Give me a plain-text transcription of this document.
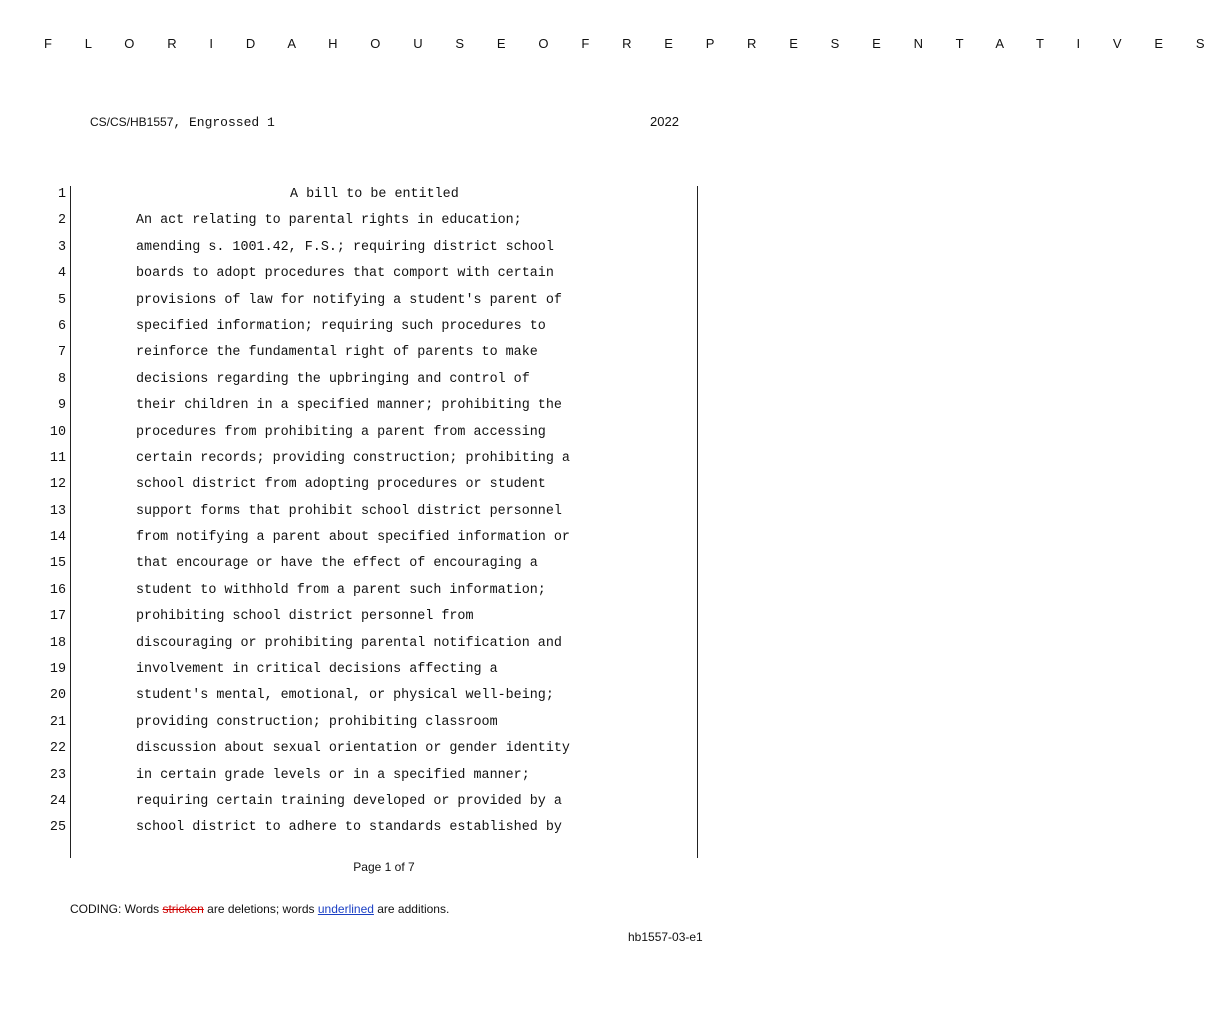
F L O R I D A H O U S E O F R E P R E S E N T A T I V E S
CS/CS/HB1557, Engrossed 1	2022
1	A bill to be entitled
2	An act relating to parental rights in education;
3	amending s. 1001.42, F.S.; requiring district school
4	boards to adopt procedures that comport with certain
5	provisions of law for notifying a student's parent of
6	specified information; requiring such procedures to
7	reinforce the fundamental right of parents to make
8	decisions regarding the upbringing and control of
9	their children in a specified manner; prohibiting the
10	procedures from prohibiting a parent from accessing
11	certain records; providing construction; prohibiting a
12	school district from adopting procedures or student
13	support forms that prohibit school district personnel
14	from notifying a parent about specified information or
15	that encourage or have the effect of encouraging a
16	student to withhold from a parent such information;
17	prohibiting school district personnel from
18	discouraging or prohibiting parental notification and
19	involvement in critical decisions affecting a
20	student's mental, emotional, or physical well-being;
21	providing construction; prohibiting classroom
22	discussion about sexual orientation or gender identity
23	in certain grade levels or in a specified manner;
24	requiring certain training developed or provided by a
25	school district to adhere to standards established by
Page 1 of 7
CODING: Words stricken are deletions; words underlined are additions.
hb1557-03-e1
